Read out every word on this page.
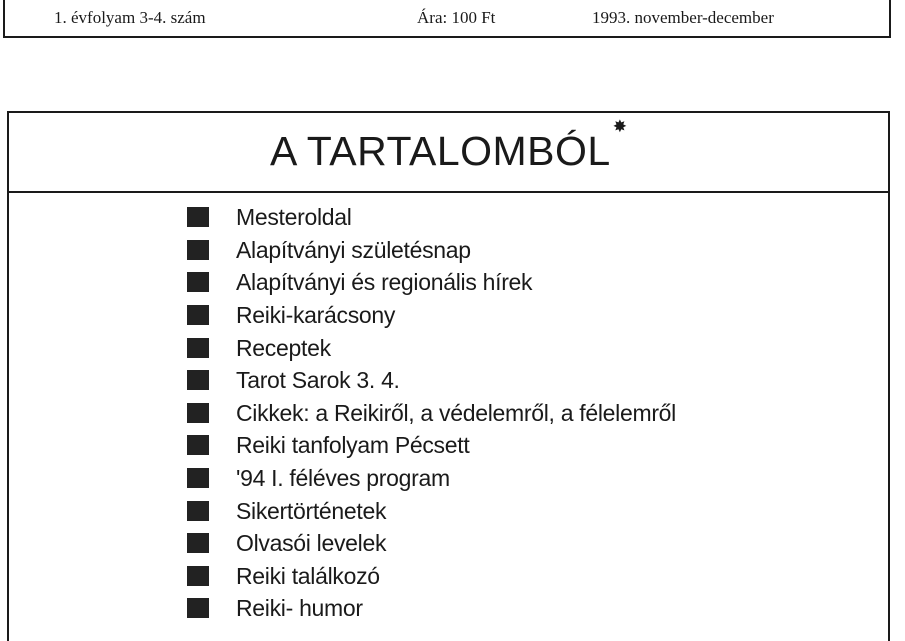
1. évfolyam 3-4. szám	Ára: 100 Ft	1993. november-december
A TARTALOMBÓL✸
Mesteroldal
Alapítványi születésnap
Alapítványi és regionális hírek
Reiki-karácsony
Receptek
Tarot Sarok 3. 4.
Cikkek: a Reikiről, a védelemről, a félelemről
Reiki tanfolyam Pécsett
'94 I. féléves program
Sikertörténetek
Olvasói levelek
Reiki találkozó
Reiki- humor
